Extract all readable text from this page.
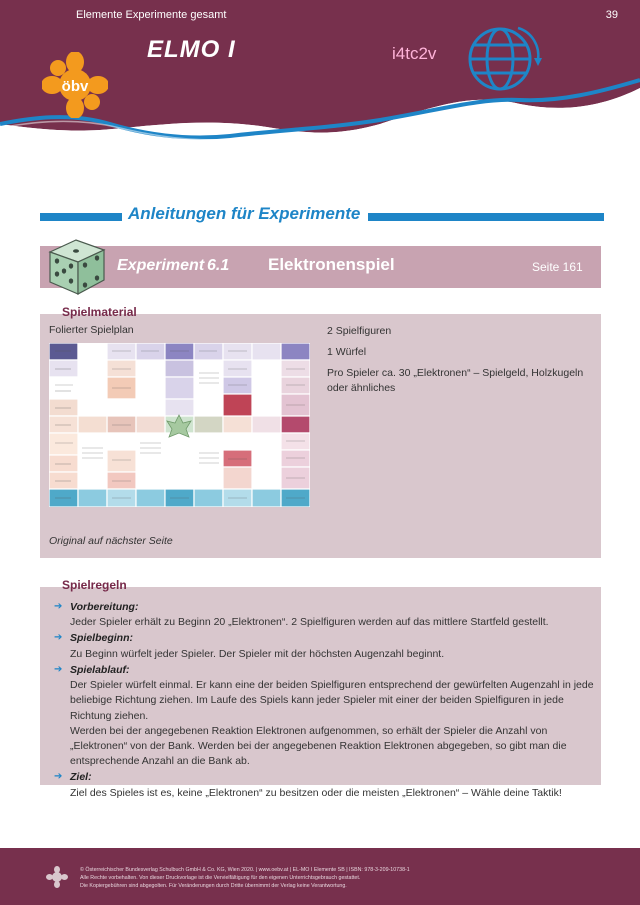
Elemente Experimente gesamt	39
ELMO I	i4tc2v
öbv
6: Redox-Reaktion
Anleitungen für Experimente
Experiment 6.1 Elektronenspiel	Seite 161
Spielmaterial
Folierter Spielplan	2 Spielfiguren

1 Würfel

Pro Spieler ca. 30 „Elektronen“ – Spielgeld, Holzkugeln oder ähnliches

Original auf nächster Seite
Spielregeln
➔ Vorbereitung:
Jeder Spieler erhält zu Beginn 20 „Elektronen“. 2 Spielfiguren werden auf das mittlere Startfeld gestellt.
➔ Spielbeginn:
Zu Beginn würfelt jeder Spieler. Der Spieler mit der höchsten Augenzahl beginnt.
➔ Spielablauf:
Der Spieler würfelt einmal. Er kann eine der beiden Spielfiguren entsprechend der gewürfelten Augenzahl in jede beliebige Richtung ziehen. Im Laufe des Spiels kann jeder Spieler mit einer der beiden Spielfiguren in jede Richtung ziehen.
Werden bei der angegebenen Reaktion Elektronen aufgenommen, so erhält der Spieler die Anzahl von „Elektronen“ von der Bank. Werden bei der angegebenen Reaktion Elektronen abgegeben, so gibt man die entsprechende Anzahl an die Bank ab.
➔ Ziel:
Ziel des Spieles ist es, keine „Elektronen“ zu besitzen oder die meisten „Elektronen“ – Wähle deine Taktik!
© Österreichischer Bundesverlag Schulbuch GmbH & Co. KG, Wien 2020. | www.oebv.at | EL-MO I Elemente SB | ISBN: 978-3-209-10738-1
Alle Rechte vorbehalten. Von dieser Druckvorlage ist die Vervielfältigung für den eigenen Unterrichtsgebrauch gestattet.
Die Kopiergebühren sind abgegolten. Für Veränderungen durch Dritte übernimmt der Verlag keine Verantwortung.
